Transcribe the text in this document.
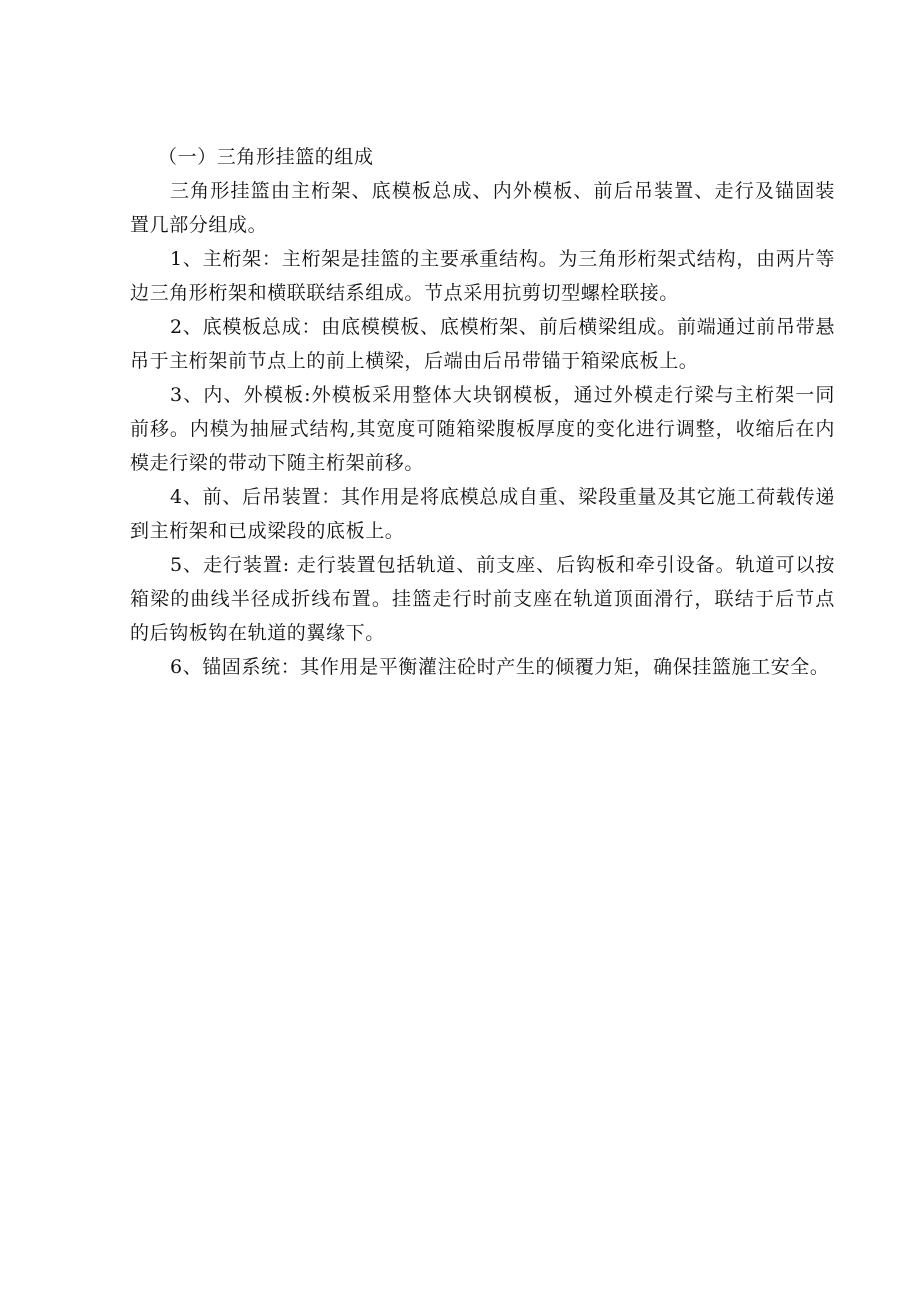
（一）三角形挂篮的组成

三角形挂篮由主桁架、底模板总成、内外模板、前后吊装置、走行及锚固装置几部分组成。

1、主桁架：主桁架是挂篮的主要承重结构。为三角形桁架式结构，由两片等边三角形桁架和横联联结系组成。节点采用抗剪切型螺栓联接。

2、底模板总成：由底模模板、底模桁架、前后横梁组成。前端通过前吊带悬吊于主桁架前节点上的前上横梁，后端由后吊带锚于箱梁底板上。

3、内、外模板:外模板采用整体大块钢模板，通过外模走行梁与主桁架一同前移。内模为抽屉式结构,其宽度可随箱梁腹板厚度的变化进行调整，收缩后在内模走行梁的带动下随主桁架前移。

4、前、后吊装置：其作用是将底模总成自重、梁段重量及其它施工荷载传递到主桁架和已成梁段的底板上。

5、走行装置: 走行装置包括轨道、前支座、后钩板和牵引设备。轨道可以按箱梁的曲线半径成折线布置。挂篮走行时前支座在轨道顶面滑行，联结于后节点的后钩板钩在轨道的翼缘下。

6、锚固系统：其作用是平衡灌注砼时产生的倾覆力矩，确保挂篮施工安全。
